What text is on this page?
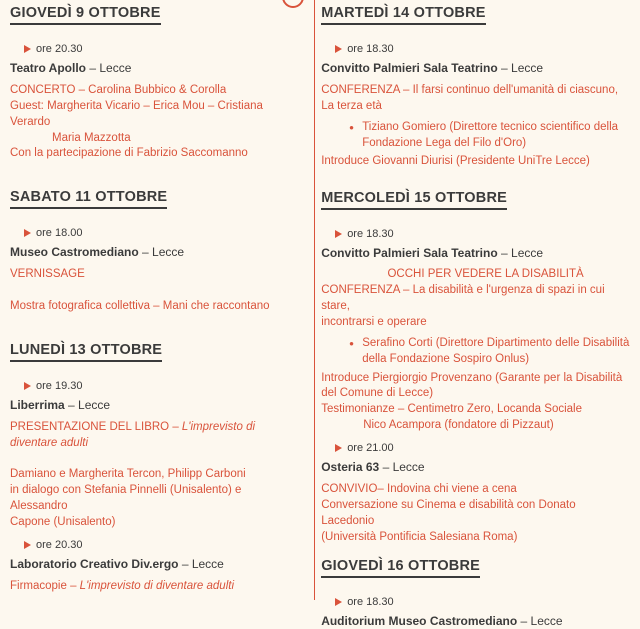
GIOVEDÌ 9 OTTOBRE
ore 20.30
Teatro Apollo – Lecce
CONCERTO – Carolina Bubbico & Corolla
Guest: Margherita Vicario – Erica Mou – Cristiana Verardo

Maria Mazzotta
Con la partecipazione di Fabrizio Saccomanno
SABATO 11 OTTOBRE
ore 18.00
Museo Castromediano – Lecce
VERNISSAGE

Mostra fotografica collettiva – Mani che raccontano
LUNEDÌ 13 OTTOBRE
ore 19.30
Liberrima – Lecce
PRESENTAZIONE DEL LIBRO – L'imprevisto di diventare adulti

Damiano e Margherita Tercon, Philipp Carboni
in dialogo con Stefania Pinnelli (Unisalento) e Alessandro
Capone (Unisalento)
ore 20.30
Laboratorio Creativo Div.ergo – Lecce
Firmacopie – L'imprevisto di diventare adulti
MARTEDÌ 14 OTTOBRE
ore 18.30
Convitto Palmieri Sala Teatrino – Lecce
CONFERENZA – Il farsi continuo dell'umanità di ciascuno,
La terza età
• Tiziano Gomiero (Direttore tecnico scientifico della
Fondazione Lega del Filo d'Oro)
Introduce Giovanni Diurisi (Presidente UniTre Lecce)
MERCOLEDÌ 15 OTTOBRE
ore 18.30
Convitto Palmieri Sala Teatrino – Lecce
OCCHI PER VEDERE LA DISABILITÀ
CONFERENZA – La disabilità e l'urgenza di spazi in cui stare,
incontrarsi e operare
• Serafino Corti (Direttore Dipartimento delle Disabilità
della Fondazione Sospiro Onlus)
Introduce Piergiorgio Provenzano (Garante per la Disabilità
del Comune di Lecce)
Testimonianze – Centimetro Zero, Locanda Sociale

Nico Acampora (fondatore di Pizzaut)
ore 21.00
Osteria 63 – Lecce
CONVIVIO– Indovina chi viene a cena
Conversazione su Cinema e disabilità con Donato Lacedonio
(Università Pontificia Salesiana Roma)
GIOVEDÌ 16 OTTOBRE
ore 18.30
Auditorium Museo Castromediano – Lecce
